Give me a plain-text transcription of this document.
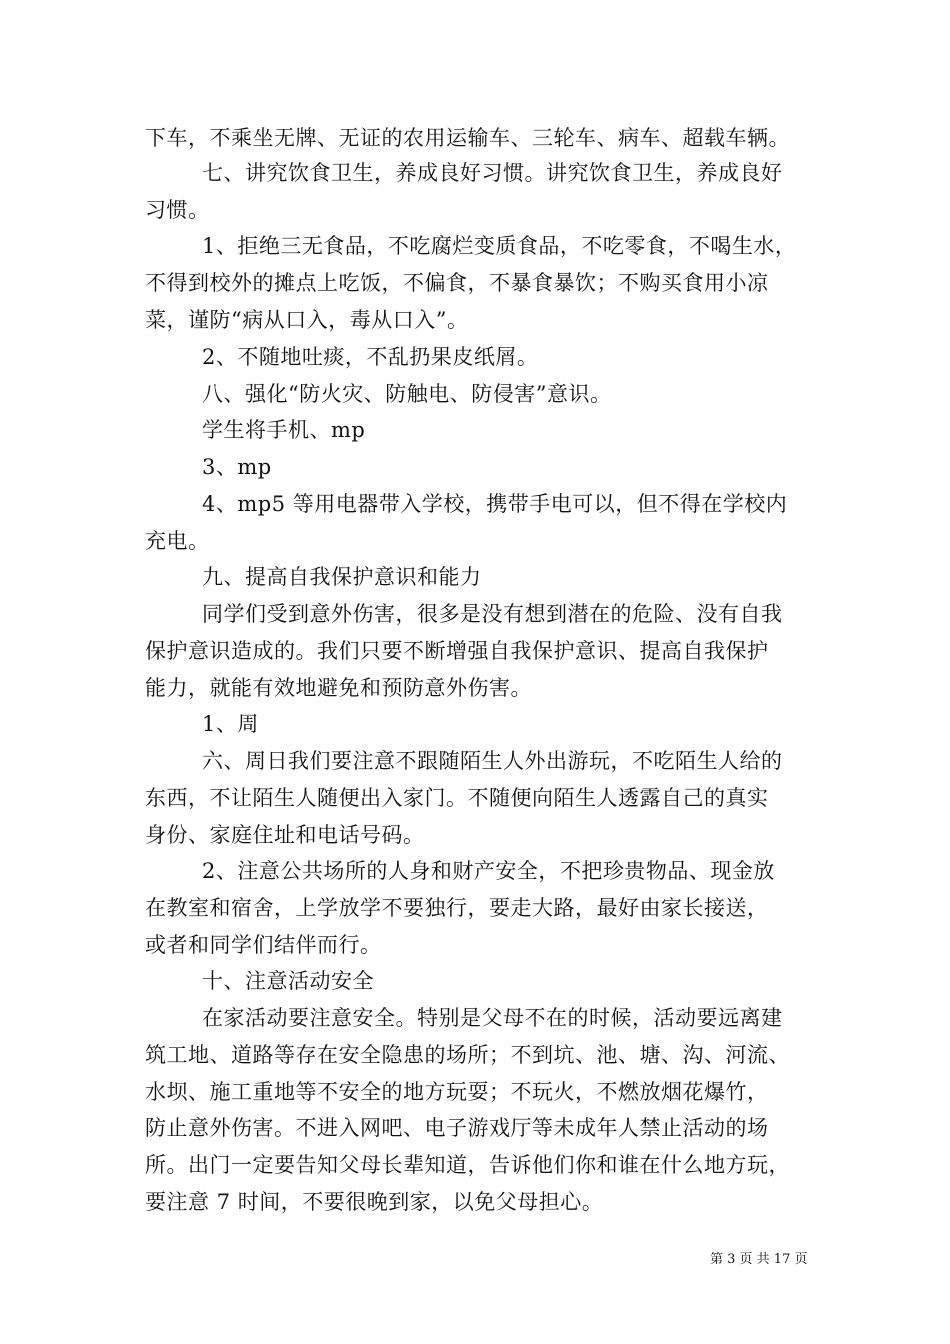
下车，不乘坐无牌、无证的农用运输车、三轮车、病车、超载车辆。
七、讲究饮食卫生，养成良好习惯。讲究饮食卫生，养成良好
习惯。
1、拒绝三无食品，不吃腐烂变质食品，不吃零食，不喝生水，
不得到校外的摊点上吃饭，不偏食，不暴食暴饮；不购买食用小凉
菜，谨防“病从口入，毒从口入”。
2、不随地吐痰，不乱扔果皮纸屑。
八、强化“防火灾、防触电、防侵害”意识。
学生将手机、mp
3、mp
4、mp5 等用电器带入学校，携带手电可以，但不得在学校内
充电。
九、提高自我保护意识和能力
同学们受到意外伤害，很多是没有想到潜在的危险、没有自我
保护意识造成的。我们只要不断增强自我保护意识、提高自我保护
能力，就能有效地避免和预防意外伤害。
1、周
六、周日我们要注意不跟随陌生人外出游玩，不吃陌生人给的
东西，不让陌生人随便出入家门。不随便向陌生人透露自己的真实
身份、家庭住址和电话号码。
2、注意公共场所的人身和财产安全，不把珍贵物品、现金放
在教室和宿舍，上学放学不要独行，要走大路，最好由家长接送，
或者和同学们结伴而行。
十、注意活动安全
在家活动要注意安全。特别是父母不在的时候，活动要远离建
筑工地、道路等存在安全隐患的场所；不到坑、池、塘、沟、河流、
水坝、施工重地等不安全的地方玩耍；不玩火，不燃放烟花爆竹，
防止意外伤害。不进入网吧、电子游戏厅等未成年人禁止活动的场
所。出门一定要告知父母长辈知道，告诉他们你和谁在什么地方玩，
要注意 7 时间，不要很晚到家，以免父母担心。
第 3 页 共 17 页
